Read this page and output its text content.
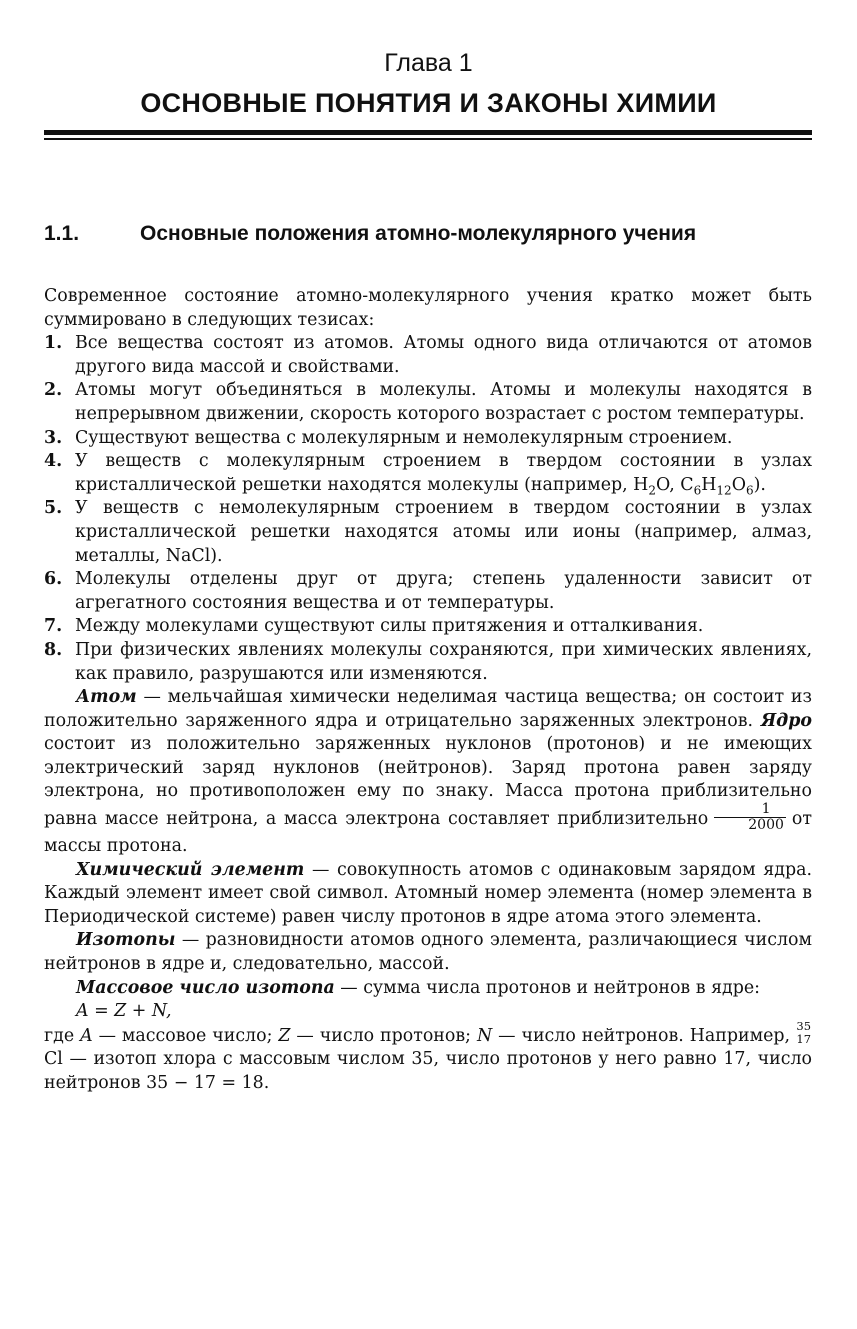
Глава 1
ОСНОВНЫЕ ПОНЯТИЯ И ЗАКОНЫ ХИМИИ
1.1.	Основные положения атомно-молекулярного учения

Современное состояние атомно-молекулярного учения кратко может быть суммировано в следующих тезисах:

1. Все вещества состоят из атомов. Атомы одного вида отличаются от атомов другого вида массой и свойствами.
2. Атомы могут объединяться в молекулы. Атомы и молекулы находятся в непрерывном движении, скорость которого возрастает с ростом температуры.
3. Существуют вещества с молекулярным и немолекулярным строением.
4. У веществ с молекулярным строением в твердом состоянии в узлах кристаллической решетки находятся молекулы (например, $H_2O$, $C_6H_{12}O_6$).
5. У веществ с немолекулярным строением в твердом состоянии в узлах кристаллической решетки находятся атомы или ионы (например, алмаз, металлы, NaCl).
6. Молекулы отделены друг от друга; степень удаленности зависит от агрегатного состояния вещества и от температуры.
7. Между молекулами существуют силы притяжения и отталкивания.
8. При физических явлениях молекулы сохраняются, при химических явлениях, как правило, разрушаются или изменяются.

Атом — мельчайшая химически неделимая частица вещества; он состоит из положительно заряженного ядра и отрицательно заряженных электронов. Ядро состоит из положительно заряженных нуклонов (протонов) и не имеющих электрический заряд нуклонов (нейтронов). Заряд протона равен заряду электрона, но противоположен ему по знаку. Масса протона приблизительно равна массе нейтрона, а масса электрона составляет приблизительно $\frac{1}{2000}$ от массы протона.

Химический элемент — совокупность атомов с одинаковым зарядом ядра. Каждый элемент имеет свой символ. Атомный номер элемента (номер элемента в Периодической системе) равен числу протонов в ядре атома этого элемента.

Изотопы — разновидности атомов одного элемента, различающиеся числом нейтронов в ядре и, следовательно, массой.

Массовое число изотопа — сумма числа протонов и нейтронов в ядре:

A = Z + N,

где A — массовое число; Z — число протонов; N — число нейтронов. Например, 35
17
Cl — изотоп хлора с массовым числом 35, число протонов у него равно 17, число нейтронов 35 − 17 = 18.
